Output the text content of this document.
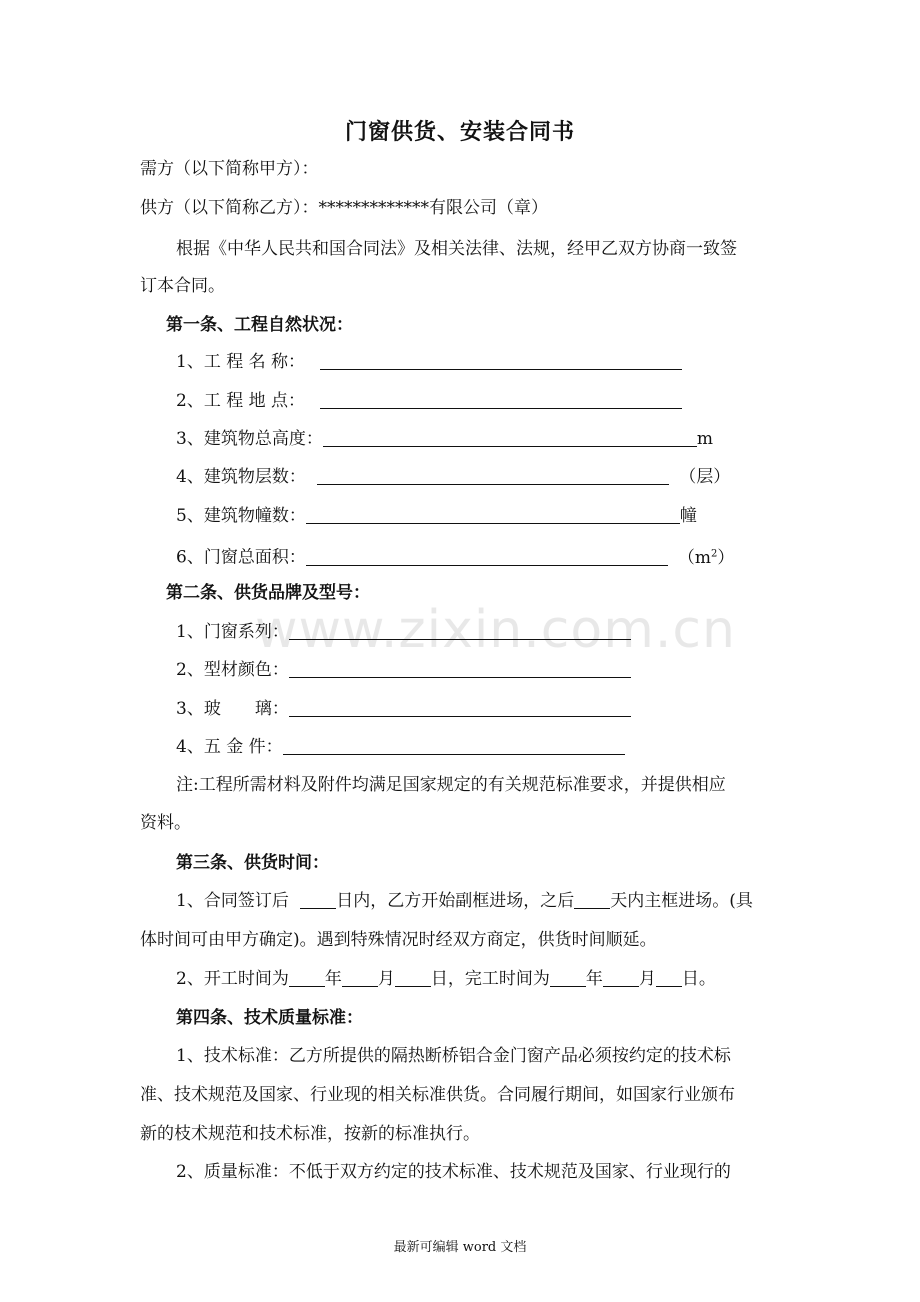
www.zixin.com.cn
门窗供货、安装合同书
需方（以下简称甲方）：
供方（以下简称乙方）：*************有限公司（章）
根据《中华人民共和国合同法》及相关法律、法规，经甲乙双方协商一致签
订本合同。
第一条、工程自然状况：
1、工 程 名 称：
2、工 程 地 点：
3、建筑物总高度：	m
4、建筑物层数：	（层）
5、建筑物幢数：	幢
6、门窗总面积：	$(m^2)$
第二条、供货品牌及型号：
1、门窗系列：
2、型材颜色：
3、玻　　璃：
4、五 金 件：
注:工程所需材料及附件均满足国家规定的有关规范标准要求，并提供相应
资料。
第三条、供货时间：
1、合同签订后 日内，乙方开始副框进场，之后 天内主框进场。(具
体时间可由甲方确定)。遇到特殊情况时经双方商定，供货时间顺延。
2、开工时间为 年 月 日，完工时间为 年 月 日。
第四条、技术质量标准：
1、技术标准：乙方所提供的隔热断桥铝合金门窗产品必须按约定的技术标
准、技术规范及国家、行业现的相关标准供货。合同履行期间，如国家行业颁布
新的枝术规范和技术标准，按新的标准执行。
2、质量标准：不低于双方约定的技术标准、技术规范及国家、行业现行的
最新可编辑 word 文档
